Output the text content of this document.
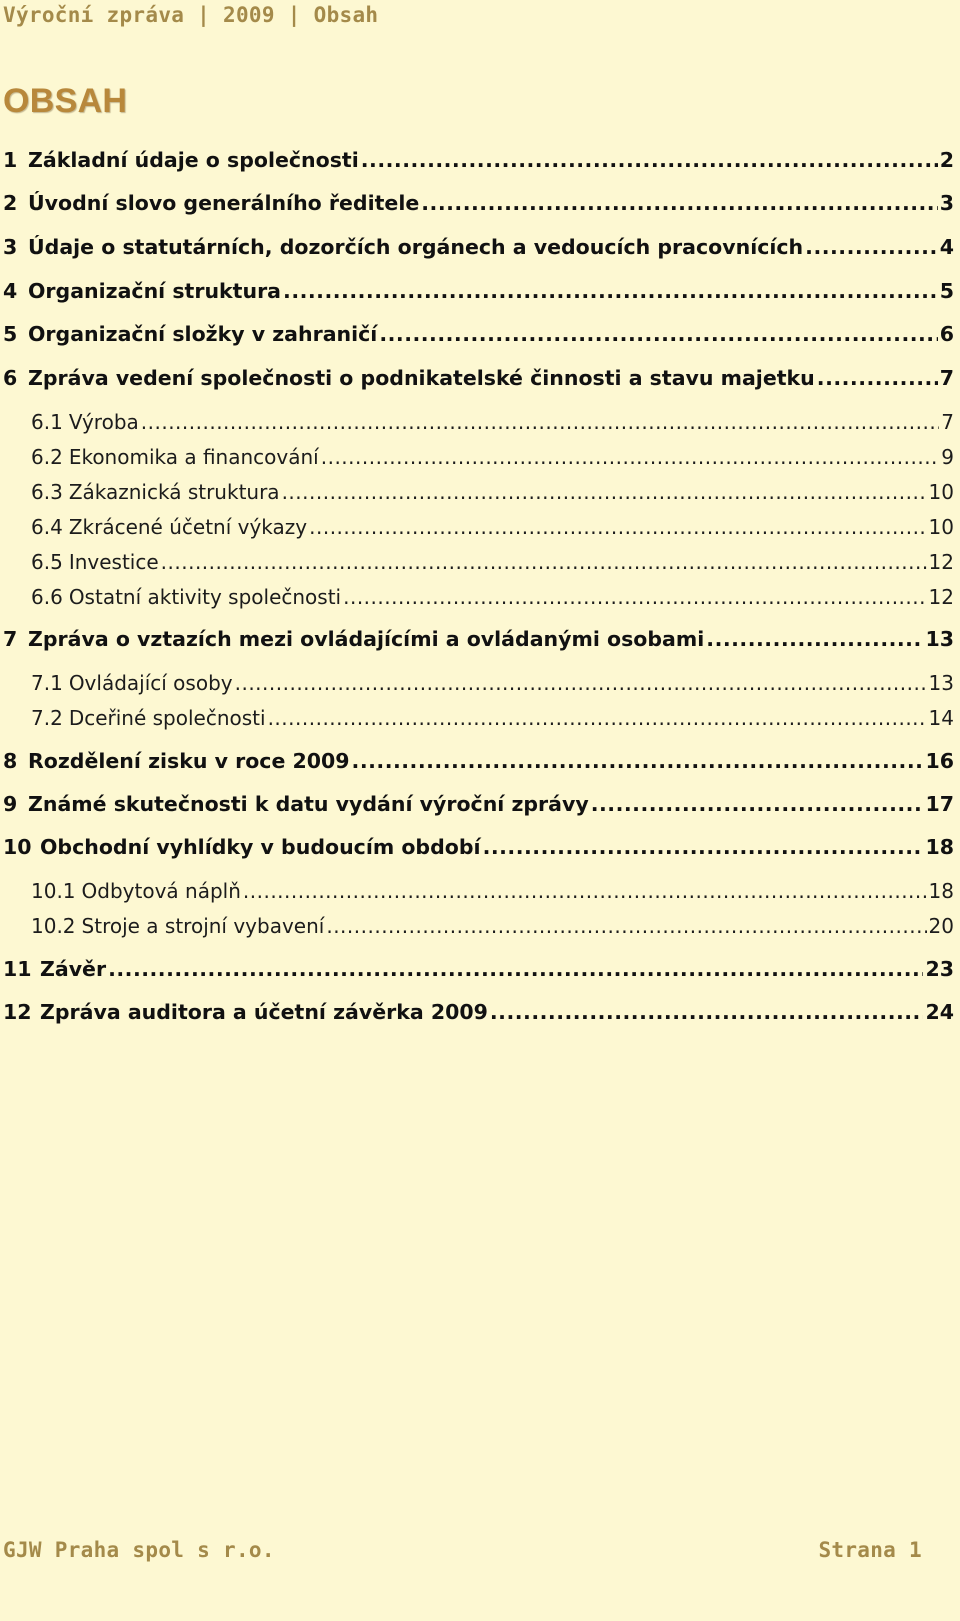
Výroční zpráva | 2009 | Obsah
OBSAH
1 Základní údaje o společnosti .....	2
2 Úvodní slovo generálního ředitele .....	3
3 Údaje o statutárních, dozorčích orgánech a vedoucích pracovnících .....	4
4 Organizační struktura .....	5
5 Organizační složky v zahraničí .....	6
6 Zpráva vedení společnosti o podnikatelské činnosti a stavu majetku .....	7
6.1 Výroba .....	7
6.2 Ekonomika a financování .....	9
6.3 Zákaznická struktura .....	10
6.4 Zkrácené účetní výkazy .....	10
6.5 Investice .....	12
6.6 Ostatní aktivity společnosti .....	12
7 Zpráva o vztazích mezi ovládajícími a ovládanými osobami .....	13
7.1 Ovládající osoby .....	13
7.2 Dceřiné společnosti .....	14
8 Rozdělení zisku v roce 2009 .....	16
9 Známé skutečnosti k datu vydání výroční zprávy .....	17
10 Obchodní vyhlídky v budoucím období .....	18
10.1 Odbytová náplň .....	18
10.2 Stroje a strojní vybavení .....	20
11 Závěr .....	23
12 Zpráva auditora a účetní závěrka 2009 .....	24
GJW Praha spol s r.o.	Strana 1
